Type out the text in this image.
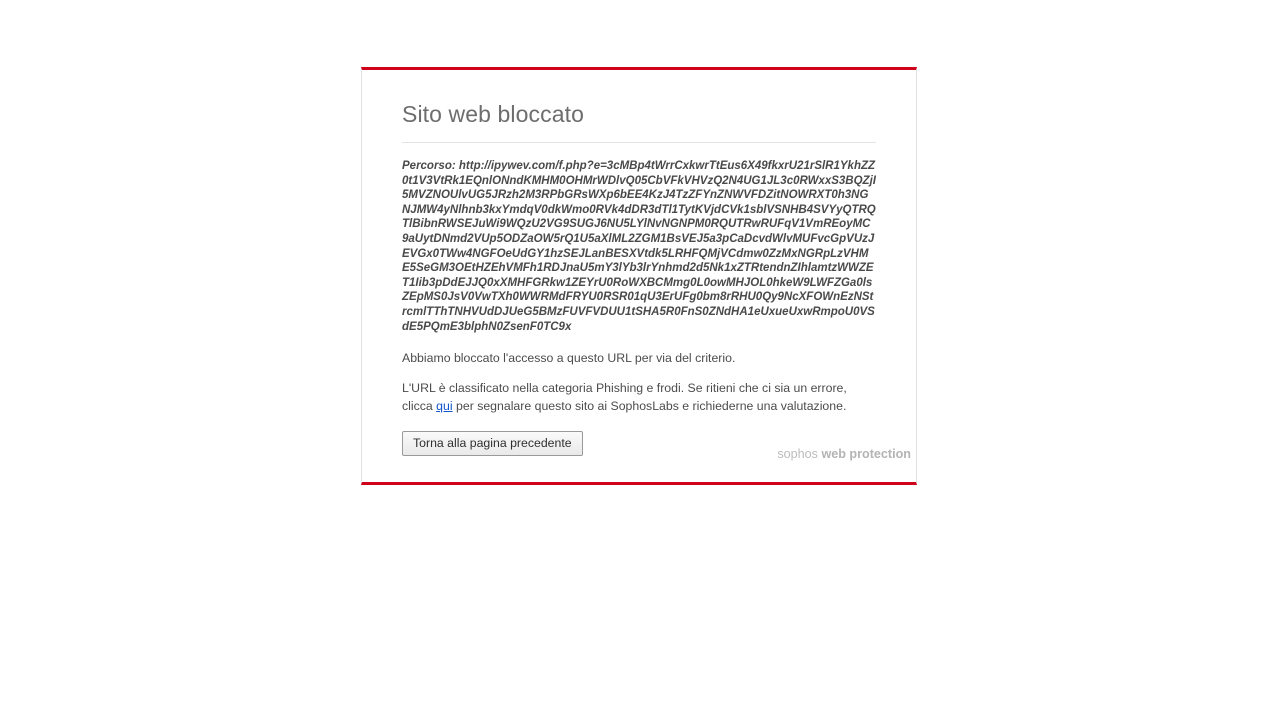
Sito web bloccato

Percorso: http://ipywev.com/f.php?e=3cMBp4tWrrCxkwrTtEus6X49fkxrU21rSlR1YkhZZ0t1V3VtRk1EQnlONndKMHM0OHMrWDlvQ05CbVFkVHVzQ2N4UG1JL3c0RWxxS3BQZjI5MVZNOUlvUG5JRzh2M3RPbGRsWXp6bEE4KzJ4TzZFYnZNWVFDZitNOWRXT0h3NGNJMW4yNlhnb3kxYmdqV0dkWmo0RVk4dDR3dTl1TytKVjdCVk1sblVSNHB4SVYyQTRQTlBibnRWSEJuWi9WQzU2VG9SUGJ6NU5LYlNvNGNPM0RQUTRwRUFqV1VmREoyMC9aUytDNmd2VUp5ODZaOW5rQ1U5aXlML2ZGM1BsVEJ5a3pCaDcvdWlvMUFvcGpVUzJEVGx0TWw4NGFOeUdGY1hzSEJLanBESXVtdk5LRHFQMjVCdmw0ZzMxNGRpLzVHME5SeGM3OEtHZEhVMFh1RDJnaU5mY3lYb3lrYnhmd2d5Nk1xZTRtendnZIhlamtzWWZET1Iib3pDdEJJQ0xXMHFGRkw1ZEYrU0RoWXBCMmg0L0owMHJOL0hkeW9LWFZGa0lsZEpMS0JsV0VwTXh0WWRMdFRYU0RSR01qU3ErUFg0bm8rRHU0Qy9NcXFOWnEzNStrcmlTThTNHVUdDJUeG5BMzFUVFVDUU1tSHA5R0FnS0ZNdHA1eUxueUxwRmpoU0VSdE5PQmE3blphN0ZsenF0TC9x

Abbiamo bloccato l'accesso a questo URL per via del criterio.

L'URL è classificato nella categoria Phishing e frodi. Se ritieni che ci sia un errore, clicca qui per segnalare questo sito ai SophosLabs e richiederne una valutazione.

Torna alla pagina precedente
sophos web protection
